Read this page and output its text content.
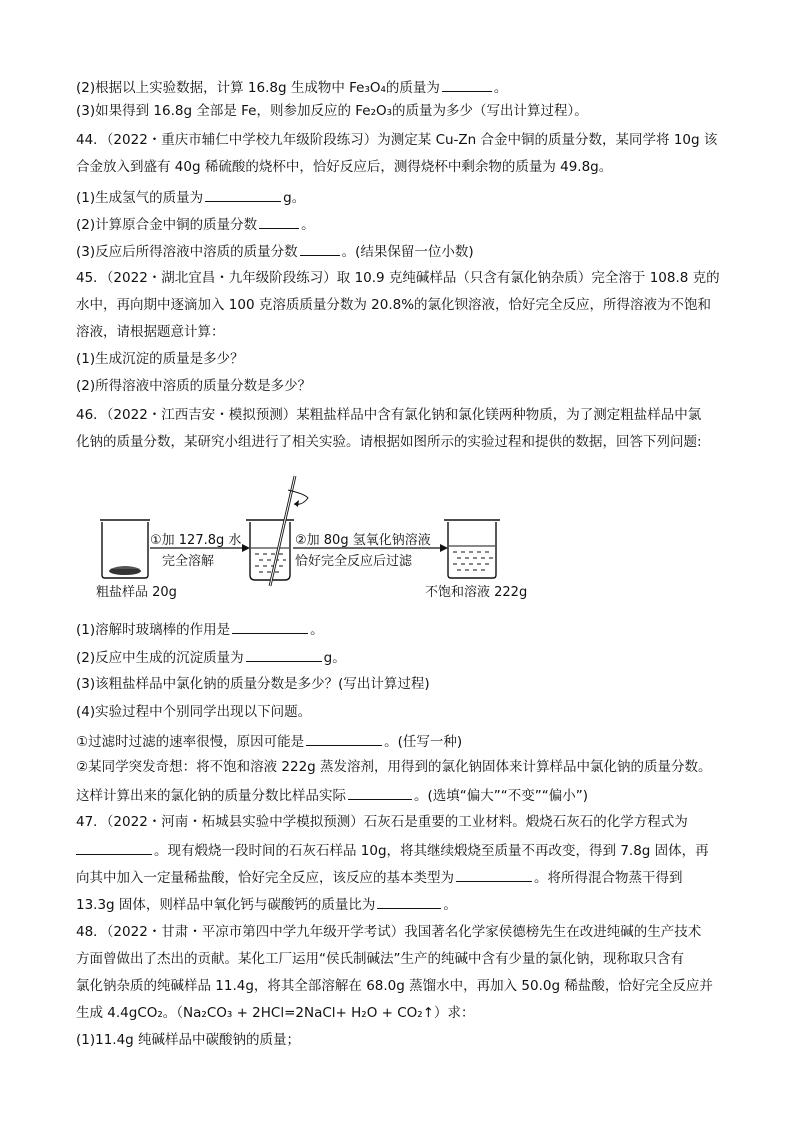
(2)根据以上实验数据，计算 16.8g 生成物中 Fe₃O₄的质量为	。
(3)如果得到 16.8g 全部是 Fe，则参加反应的 Fe₂O₃的质量为多少（写出计算过程）。
44．（2022・重庆市辅仁中学校九年级阶段练习）为测定某 Cu-Zn 合金中铜的质量分数，某同学将 10g 该
合金放入到盛有 40g 稀硫酸的烧杯中，恰好反应后，测得烧杯中剩余物的质量为 49.8g。
(1)生成氢气的质量为	g。
(2)计算原合金中铜的质量分数	。
(3)反应后所得溶液中溶质的质量分数	。(结果保留一位小数)
45．（2022・湖北宜昌・九年级阶段练习）取 10.9 克纯碱样品（只含有氯化钠杂质）完全溶于 108.8 克的
水中，再向期中逐滴加入 100 克溶质质量分数为 20.8%的氯化钡溶液，恰好完全反应，所得溶液为不饱和
溶液，请根据题意计算：
(1)生成沉淀的质量是多少？
(2)所得溶液中溶质的质量分数是多少？
46．（2022・江西吉安・模拟预测）某粗盐样品中含有氯化钠和氯化镁两种物质，为了测定粗盐样品中氯
化钠的质量分数，某研究小组进行了相关实验。请根据如图所示的实验过程和提供的数据，回答下列问题:
粗盐样品 20g
①加 127.8g 水
完全溶解
②加 80g 氢氧化钠溶液
恰好完全反应后过滤
不饱和溶液 222g
(1)溶解时玻璃棒的作用是	。
(2)反应中生成的沉淀质量为	g。
(3)该粗盐样品中氯化钠的质量分数是多少？(写出计算过程)
(4)实验过程中个别同学出现以下问题。
①过滤时过滤的速率很慢，原因可能是	。(任写一种)
②某同学突发奇想：将不饱和溶液 222g 蒸发溶剂，用得到的氯化钠固体来计算样品中氯化钠的质量分数。
这样计算出来的氯化钠的质量分数比样品实际	。(选填“偏大”“不变”“偏小”)
47．（2022・河南・柘城县实验中学模拟预测）石灰石是重要的工业材料。煅烧石灰石的化学方程式为
。现有煅烧一段时间的石灰石样品 10g，将其继续煅烧至质量不再改变，得到 7.8g 固体，再
向其中加入一定量稀盐酸，恰好完全反应，该反应的基本类型为	。将所得混合物蒸干得到
13.3g 固体，则样品中氧化钙与碳酸钙的质量比为	。
48．（2022・甘肃・平凉市第四中学九年级开学考试）我国著名化学家侯德榜先生在改进纯碱的生产技术
方面曾做出了杰出的贡献。某化工厂运用“侯氏制碱法”生产的纯碱中含有少量的氯化钠，现称取只含有
氯化钠杂质的纯碱样品 11.4g，将其全部溶解在 68.0g 蒸馏水中，再加入 50.0g 稀盐酸，恰好完全反应并
生成 4.4gCO₂。（Na₂CO₃ + 2HCl=2NaCl+ H₂O + CO₂↑）求：
(1)11.4g 纯碱样品中碳酸钠的质量；
